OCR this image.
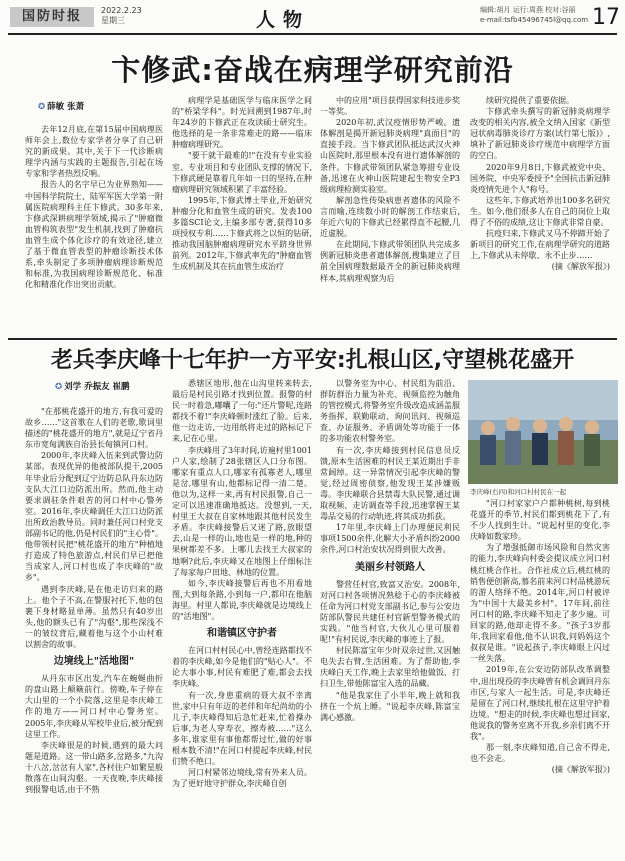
国防时报	2022.2.23
星期三	人物	编辑:胡月 运行:周燕 校对:谷丽
e-mail:tsfb45496745l@qq.com 17
卞修武:奋战在病理学研究前沿
✪ 薛敏 张萧

去年12月底,在第15届中国病理医师年会上,数位专家学者分享了自己研究的新成果。其中,关于下一代诊断病理学内涵与实践的主题报告,引起在场专家和学者热烈反响。

报告人的名字早已为业界熟知——中国科学院院士、陆军军医大学第一附属医院病理科主任卞修武。30多年来,卞修武深耕病理学领域,揭示了"肿瘤微血管构筑表型"发生机制,找到了肿瘤抗血管生成个体化诊疗的有效途径,建立了基于微血管表型的肿瘤诊断技术体系,牵头制定了多项肿瘤病理诊断规范和标准,为我国病理诊断规范化、标准化和精准化作出突出贡献。

病理学是基础医学与临床医学之间的"桥梁学科"。时光回溯到1987年,时年24岁的卞修武正在攻读硕士研究生。他选择的是一条非常难走的路——临床肿瘤病理研究。

"要干就干最难的!"在没有专业实验室、专业项目和专业团队支撑的情况下,卞修武硬是靠着几年如一日的坚持,在肿瘤病理研究领域积累了丰富经验。

1995年,卞修武博士毕业,开始研究肿瘤分化和血管生成的研究。发表100多篇SCI论文,主编多部专著,获得10多项授权专利……卞修武将之以恒的钻研,推动我国脑肿瘤病理研究水平跻身世界前列。2012年,卞修武率先的"肿瘤血管生成机制及其在抗血管生成治疗

中的应用"项目获得国家科技进步奖一等奖。

2020年初,武汉疫情形势严峻。遗体解剖是揭开新冠肺炎病理"真面目"的直接手段。当卞修武团队抵达武汉火神山医院时,那里根本没有进行遗体解剖的条件。卞修武带领团队紧急筹措专业设备,迅速在火神山医院建起生物安全P3级病理检测实验室。

解剖急性传染病患者遗体的风险不言而喻,连续数小时的解剖工作结束后,年近六旬的卞修武已经累得直不起腰,几近虚脱。

在此期间,卞修武带领团队共完成多例新冠肺炎患者遗体解剖,搜集建立了目前全国病理数据最齐全的新冠肺炎病理样本,其病理观察为后

续研究提供了重要依据。

卞修武牵头撰写的新冠肺炎病理学改变的相关内容,被全文纳入国家《新型冠状病毒肺炎诊疗方案(试行第七版)》,填补了新冠肺炎诊疗规范中病理学方面的空白。

2020年9月8日,卞修武被党中央、国务院、中央军委授予"全国抗击新冠肺炎疫情先进个人"称号。

这些年,卞修武培养出100多名研究生。如今,他们很多人在自己的岗位上取得了不俗的成绩,这让卞修武非常自豪。

抗疫归来,卞修武又马不停蹄开始了新项目的研究工作,在病理学研究的道路上,卞修武从未停歇、永不止步……

(摘《解放军报》)
老兵李庆峰十七年护一方平安:扎根山区,守望桃花盛开
✪ 刘学 乔振友 崔鹏

"在那桃花盛开的地方,有我可爱的故乡……"这首歌在人们的老歌,歌词里描述的"桃花盛开的地方",就是辽宁省丹东市宽甸满族自治县长甸镇河口村。

2000年,李庆峰入伍来到武警边防某部。表现优异的他被部队提干,2005年毕业后分配到辽宁边防总队丹东边防支队大江口边防派出所。然而,他主动要求调驻条件艰苦的河口村中心警务室。2016年,李庆峰调任大江口边防派出所政治教导员。同时兼任河口村党支部副书记的他,仍是村民们的"主心骨"。他带领村民把"桃花盛开的地方"种植地打造成了特色旅游点,村民们早已把他当成家人,河口村也成了李庆峰的"故乡"。

遇到李庆峰,是在他走访归来的路上。他个子不高,在警服衬托下,他的包裹下身材略显单薄。虽然只有40岁出头,他的额头已有了"沟壑",那些深浅不一的皱纹背后,藏着他与这个小山村难以割舍的故事。

边境线上"活地图"

从丹东市区出发,汽车在蜿蜒曲折的盘山路上颠簸前行。傍晚,车子停在大山里的一个小院落,这里是李庆峰工作的地方——河口村中心警务室。2005年,李庆峰从军校毕业后,被分配到这里工作。

李庆峰很是的时候,遇到的最大问题是道路。这一带山路多,岔路多,"九沟十八岔,岔岔有人家",各村住户如繁星般散落在山间沟壑。一天夜晚,李庆峰接到报警电话,由于不熟

悉辖区地形,他在山沟里转来转去,最后是村民引路才找到位置。报警的村民一时着急,嘟囔了一句:"还片警呢,连路都找不着!"李庆峰顿时涨红了脸。后来,他一边走访,一边用纸将走过的路标记下来,记在心里。

李庆峰用了3年时间,访遍村里1001户人家,绘制了28张辖区人口分布图。哪家有重点人口,哪家有孤寡老人,哪里是岔,哪里有山,他都标记得一清二楚。他以为,这样一来,再有村民报警,自己一定可以迅速准确地抵达。没想到,一天,村里王大叔在自家林地跟其他村民发生矛盾。李庆峰接警后又迷了路,放眼望去,山是一样的山,地也是一样的地,种的果树都差不多。上哪儿去找王大叔家的地啊?此后,李庆峰又在地图上仔细标注了每家每户田地、林地的位置。

如今,李庆峰接警后再也不用看地图,大到每条路,小到每一户,都印在他脑海里。村里人都说,李庆峰就是边境线上的"活地图"。

和谐镇区守护者

在河口村村民心中,曾经连路都找不着的李庆峰,如今是他们的"贴心人"。不论大事小事,村民有难肥了难,都会去找李庆峰。

有一次,身患重病的聂大叔不幸离世,家中只有年迈的老伴和年纪尚幼的小儿子,李庆峰得知后急忙赶来,忙着操办后事,为老人穿寿衣、擦寿被……"这么多年,谁家里有事他都帮过忙,做的好事根本数不清!"在河口村提起李庆峰,村民们赞不绝口。

河口村紧邻边境线,常有外来人员。为了更好地守护群众,李庆峰自创

以警务室为中心、村民组为前沿、群防群治力量为补充、视频监控为触角的管控模式,将警务室升级改造成涵盖服务指挥、联勤联动、询问讯问、视频巡查、办证服务、矛盾调处等功能于一体的多功能农村警务室。

有一次,李庆峰接到村民信息员反馈,原本生活困难的村民王某近期出手非常阔绰。这一异常情况引起李庆峰的警觉,经过周密侦察,他发现王某涉嫌贩毒。李庆峰联合县禁毒大队民警,通过调取视频、走访调查等手段,迅速掌握王某毒品交易的行动轨迹,将其成功抓获。

17年里,李庆峰上门办理便民利民事项1500余件,化解大小矛盾纠纷2000余件,河口村治安状况得到很大改善。

美丽乡村领路人

警营任村官,致富又治安。2008年,对河口村各项情况熟稔于心的李庆峰被任命为河口村党支部副书记,参与公安边防部队警民共建任村官新型警务模式的实践。"他当村官,大伙儿心里可服着呢!"有村民说,李庆峰的事迹上了报。

村民陈富宝年少时双亲过世,又因触电失去右臂,生活困难。为了帮助他,李庆峰白天工作,晚上去家里给他做饭、打扫卫生,带他陈富宝入选的品藏。

"他是我家住了小半年,晚上就和我挤在一个炕上睡。"说起李庆峰,陈富宝满心感激。

李庆峰(右四)和河口村村民在一起

"河口村家家户户都种桃树,每到桃花盛开的季节,村民们都到桃花下了,有不少人找到生计。"说起村里的变化,李庆峰如数家珍。

为了增强抵御市场风险和自然灾害的能力,李庆峰向村委会提议成立河口村桃红桃合作社。合作社成立后,桃红桃的销售便创新高,慕名前来河口村品桃游玩的游人络绎不绝。2014年,河口村被评为"中国十大最美乡村"。17年间,前往河口村的路,李庆峰不知走了多少遍。可回家的路,他却走得不多。"孩子3岁那年,我回家看他,他不认识我,问妈妈这个叔叔是谁。"说起孩子,李庆峰眼上闪过一丝失落。

2019年,在公安边防部队改革调整中,退出现役的李庆峰曾有机会调回丹东市区,与家人一起生活。可是,李庆峰还是留在了河口村,继续扎根在这里守护着边境。"想走的时候,李庆峰也想过回家,他说我的警务室离不开我,乡亲们离不开我"。

那一刻,李庆峰知道,自己舍不得走,也不会走。

(摘《解放军报》)
